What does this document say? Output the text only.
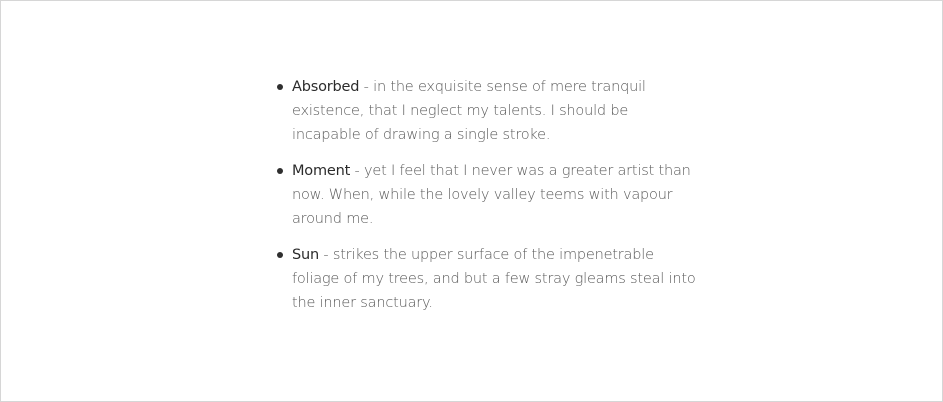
Absorbed - in the exquisite sense of mere tranquil existence, that I neglect my talents. I should be incapable of drawing a single stroke.
Moment - yet I feel that I never was a greater artist than now. When, while the lovely valley teems with vapour around me.
Sun - strikes the upper surface of the impenetrable foliage of my trees, and but a few stray gleams steal into the inner sanctuary.
